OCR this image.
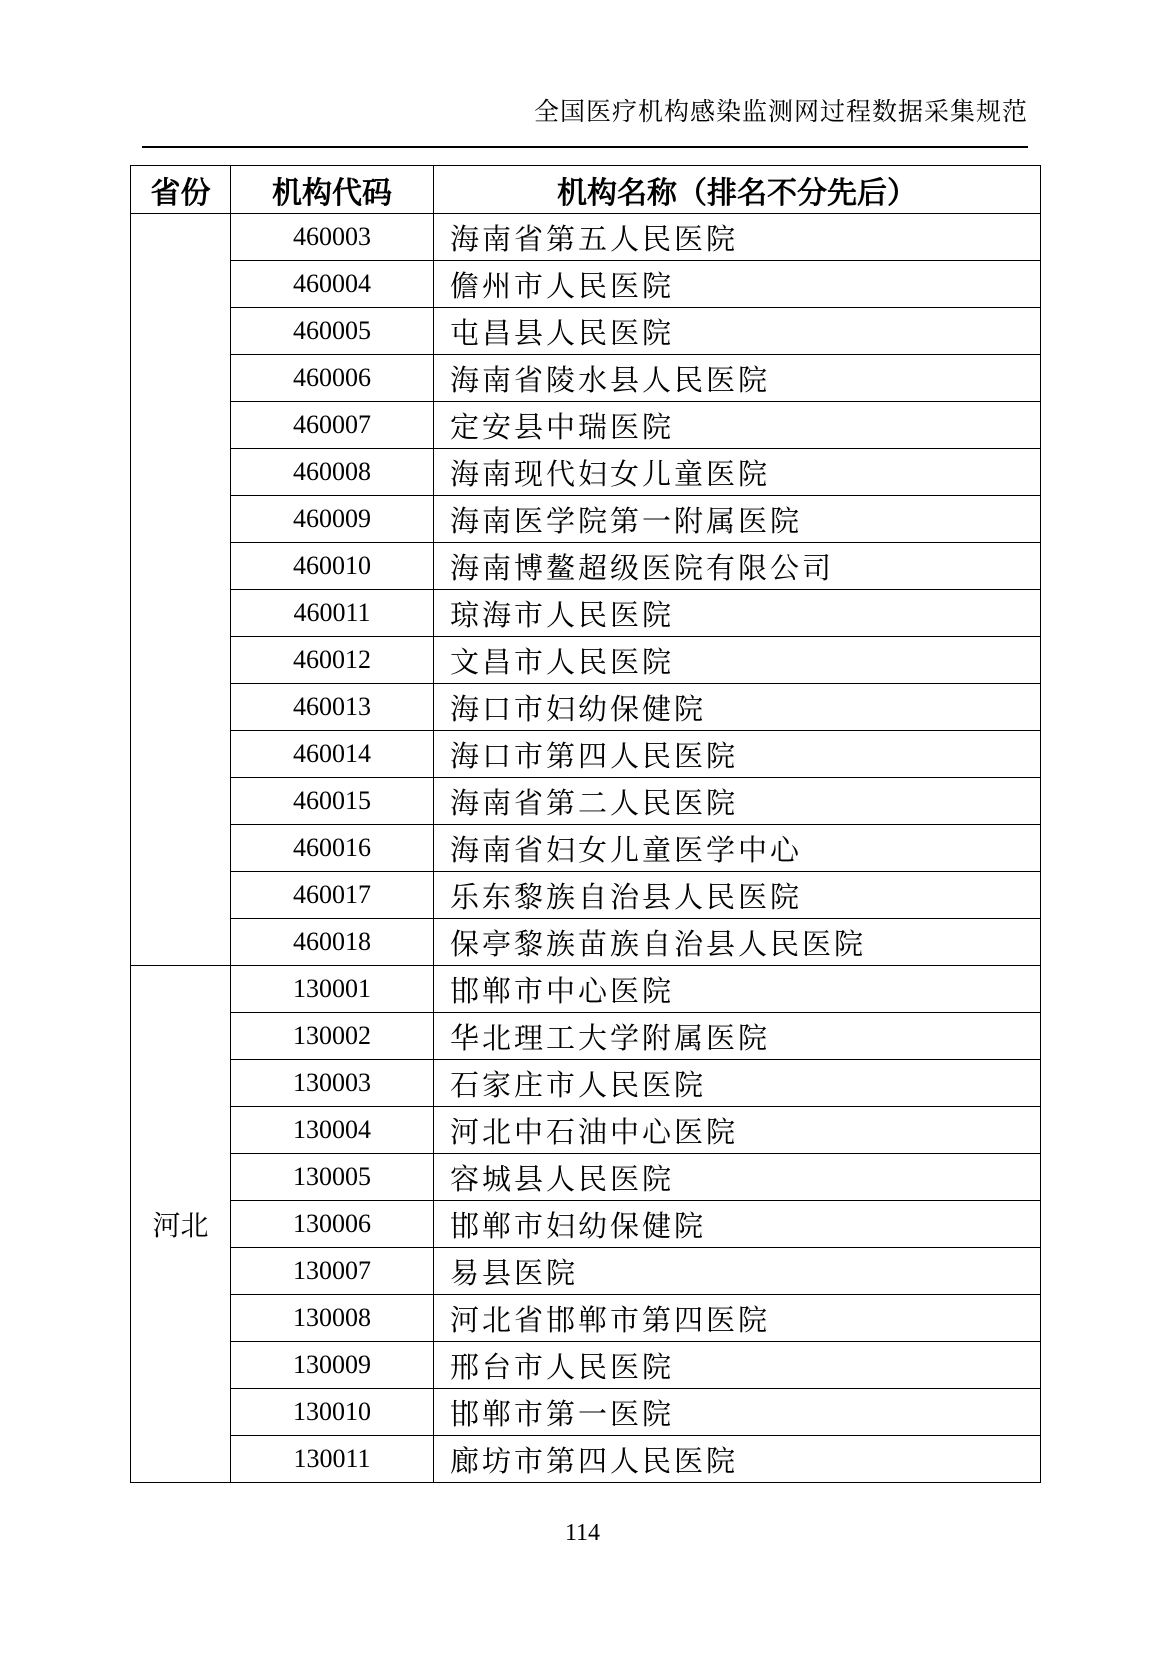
全国医疗机构感染监测网过程数据采集规范
省份	机构代码	机构名称（排名不分先后）
	460003	海南省第五人民医院
	460004	儋州市人民医院
	460005	屯昌县人民医院
	460006	海南省陵水县人民医院
	460007	定安县中瑞医院
	460008	海南现代妇女儿童医院
	460009	海南医学院第一附属医院
	460010	海南博鳌超级医院有限公司
	460011	琼海市人民医院
	460012	文昌市人民医院
	460013	海口市妇幼保健院
	460014	海口市第四人民医院
	460015	海南省第二人民医院
	460016	海南省妇女儿童医学中心
	460017	乐东黎族自治县人民医院
	460018	保亭黎族苗族自治县人民医院
河北	130001	邯郸市中心医院
	130002	华北理工大学附属医院
	130003	石家庄市人民医院
	130004	河北中石油中心医院
	130005	容城县人民医院
	130006	邯郸市妇幼保健院
	130007	易县医院
	130008	河北省邯郸市第四医院
	130009	邢台市人民医院
	130010	邯郸市第一医院
	130011	廊坊市第四人民医院
114
